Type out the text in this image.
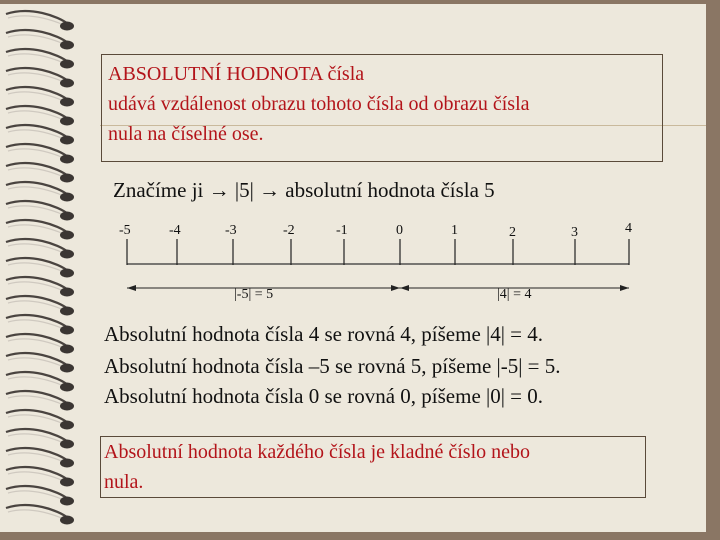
ABSOLUTNÍ HODNOTA čísla
udává vzdálenost obrazu tohoto čísla od obrazu čísla
nula na číselné ose.
Značíme ji → |5| → absolutní hodnota čísla 5
-5	-4	-3	-2	-1	0	1	2	3	4
|-5| = 5	|4| = 4
Absolutní hodnota čísla 4 se rovná 4, píšeme |4| = 4.
Absolutní hodnota čísla –5 se rovná 5, píšeme |-5| = 5.
Absolutní hodnota čísla 0 se rovná 0, píšeme |0| = 0.
Absolutní hodnota každého čísla je kladné číslo nebo
nula.
